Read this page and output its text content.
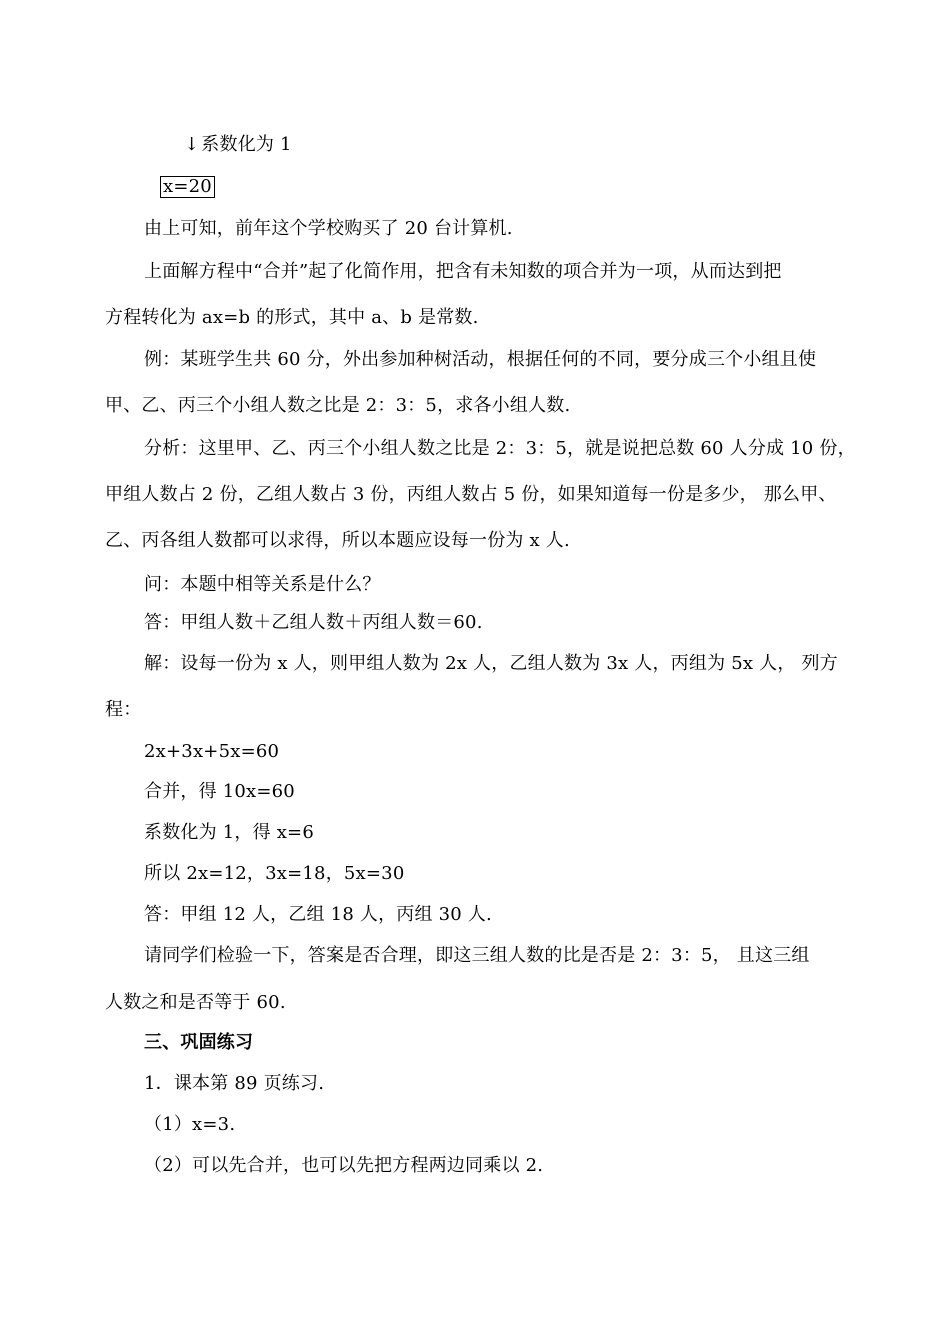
↓ 系数化为 1
x=20
由上可知，前年这个学校购买了 20 台计算机.
上面解方程中“合并”起了化简作用，把含有未知数的项合并为一项，从而达到把
方程转化为 ax=b 的形式，其中 a、b 是常数.
例：某班学生共 60 分，外出参加种树活动，根据任何的不同，要分成三个小组且使
甲、乙、丙三个小组人数之比是 2：3：5，求各小组人数.
分析：这里甲、乙、丙三个小组人数之比是 2：3：5，就是说把总数 60 人分成 10 份，
甲组人数占 2 份，乙组人数占 3 份，丙组人数占 5 份，如果知道每一份是多少， 那么甲、
乙、丙各组人数都可以求得，所以本题应设每一份为 x 人.
问：本题中相等关系是什么？
答：甲组人数＋乙组人数＋丙组人数＝60.
解：设每一份为 x 人，则甲组人数为 2x 人，乙组人数为 3x 人，丙组为 5x 人， 列方
程：
2x+3x+5x=60
合并，得 10x=60
系数化为 1，得 x=6
所以 2x=12，3x=18，5x=30
答：甲组 12 人，乙组 18 人，丙组 30 人.
请同学们检验一下，答案是否合理，即这三组人数的比是否是 2：3：5， 且这三组
人数之和是否等于 60.
三、巩固练习
1．课本第 89 页练习.
（1）x=3.
（2）可以先合并，也可以先把方程两边同乘以 2.
